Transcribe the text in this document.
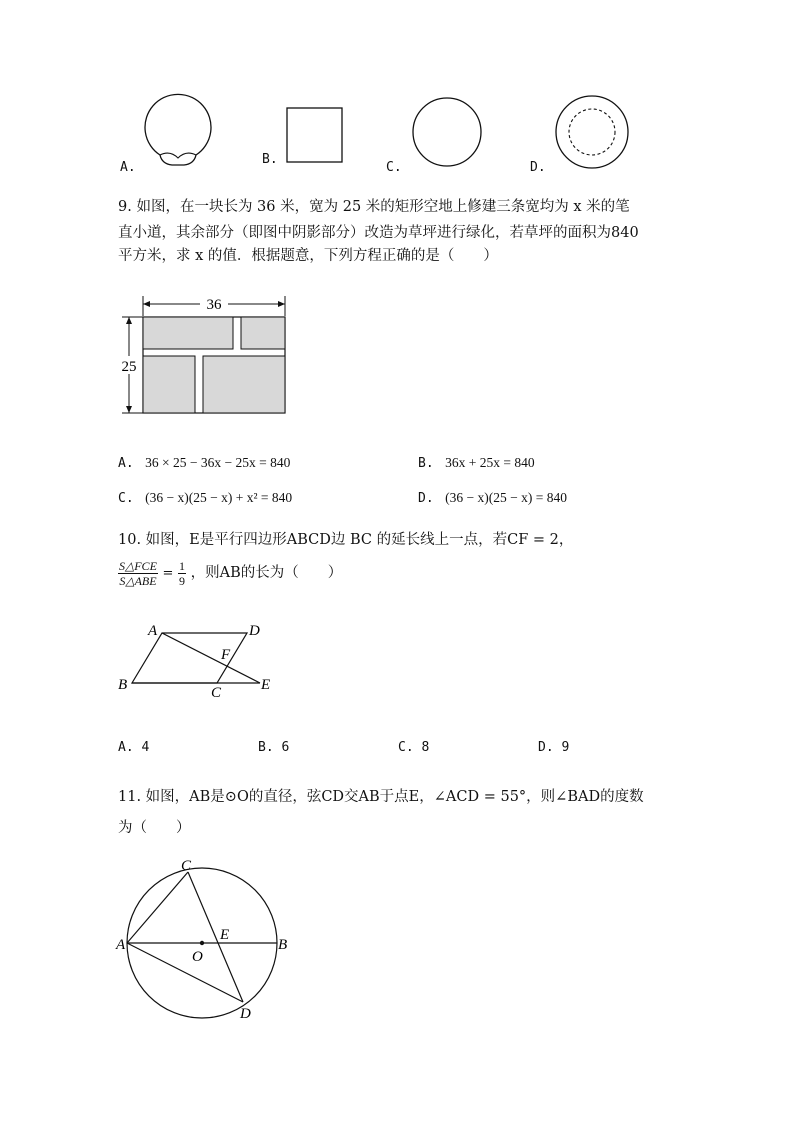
A.
B.
C.	D.
9. 如图，在一块长为 36 米，宽为 25 米的矩形空地上修建三条宽均为 x 米的笔
直小道，其余部分（即图中阴影部分）改造为草坪进行绿化，若草坪的面积为840
平方米，求 x 的值．根据题意，下列方程正确的是（　　）
36
25
A. 36 × 25 − 36x − 25x = 840	B. 36x + 25x = 840
C. (36 − x)(25 − x) + x² = 840	D. (36 − x)(25 − x) = 840
10. 如图，E是平行四边形ABCD边 BC 的延长线上一点，若CF = 2，
$\frac{\text{S△FCE}}{\text{S△ABE}} = \frac{1}{9}$ ，则AB的长为（　　）
A	D
F
B	C	E
A. 4	B. 6	C. 8	D. 9
11. 如图，AB是⊙O的直径，弦CD交AB于点E，∠ACD = 55°，则∠BAD的度数
为（　　）
C
A
O
E
B
D
